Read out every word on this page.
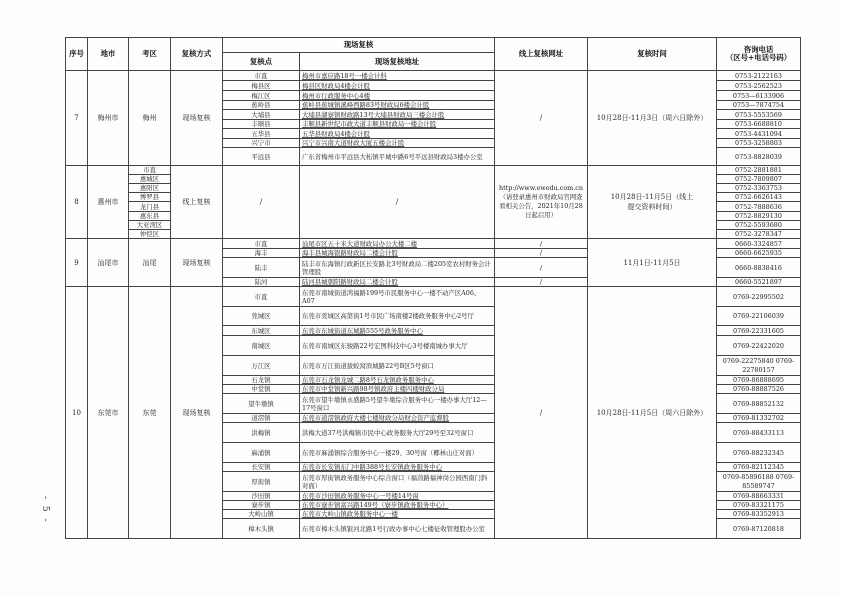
- 5 -
序号	地市	考区	复核方式	现场复核		线上复核网址	复核时间	咨询电话
（区号+电话号码）

				复核点	现场复核地址			
7	梅州市	梅州	现场复核	市直	梅州市嘉应路18号一楼会计科	/	10月28日-11月3日（周六日除外）	0753-2122163
				梅县区	梅县区财政局4楼会计股			0753-2562523
				梅江区	梅州市行政服务中心4楼			0753—6133906
				蕉岭县	蕉岭县蕉城镇溪峰西路83号财政局6楼会计股			0753—7874754
				大埔县	大埔县湖寮镇财政路13号大埔县财政局三楼会计股			0753-5553569
				丰顺县	丰顺县新世纪市政大道丰顺县财政局一楼会计股			0753-6688810
				五华县	五华县财政局4楼会计股			0753-4431094
				兴宁市	兴宁市兴南大道财政大厦五楼会计股			0753-3258803
				平远县	广东省梅州市平远县大柘镇平城中路6号平远县财政局3楼办公室			0753-8828039
8	惠州市	市直	线上复核	/	/	http://www.ewedu.com.cn（请登录惠州市财政局官网查看相关公告，2021年10月28日起启用）	10月28日-11月5日（线上提交资料时间）	0752-2881881
		惠城区						0752-7809807
		惠阳区						0752-3363753
		博罗县						0752-6626143
		龙门县						0752-7888636
		惠东县						0752-8829130
		大亚湾区						0752-5593680
		仲恺区						0752-3278347
9	汕尾市	汕尾	现场复核	市直	汕尾市区五十米大道财政局办公大楼二楼	/	11月1日-11月5日	0660-3324857
				海丰	海丰县城海银路财政局二楼会计股	/		0660-6625935
				陆丰	陆丰市东海镇行政新区长安路北3号财政局二楼205室农村财务会计管理股	/		0660-8838416
				陆河	陆河县城朝阳路财政局二楼会计股	/		0660-5521897
10	东莞市	东莞	现场复核	市直	东莞市南城街道鸿福路199号市民服务中心一楼不动产区A06、A07	/	10月28日-11月5日（周六日除外）	0769-22995502
				莞城区	东莞市莞城区高第街1号市民广场南楼2楼政务服务中心2号厅			0769-22106039
				东城区	东莞市东城街道东城路555号政务服务中心			0769-22331605
				南城区	东莞市南城区东骏路22号宏图科技中心3号楼南城办事大厅			0769-22422020
				万江区	东莞市万江街道拔蛟窝滨城路22号B区5号窗口			0769-22275840 0769-22780157
				石龙镇	东莞市石龙镇龙城二路8号石龙镇政务服务中心			0769-86888695
				中堂镇	东莞市中堂镇新兴路98号镇政府主楼四楼财政分局			0769-88887526
				望牛墩镇	东莞市望牛墩镇永盛路5号望牛墩综合服务中心一楼办事大厅12—17号窗口			0769-88852132
				道滘镇	东莞市道滘镇政府大楼七楼财政分局财会资产监督股			0769-81332702
				洪梅镇	洪梅大道37号洪梅镇市民中心政务服务大厅29号至32号窗口			0769-88433113
				麻涌镇	东莞市麻涌镇综合服务中心一楼29、30号窗（椰林山庄对面）			0769-88232345
				长安镇	东莞市长安镇东门中路388号长安镇政务服务中心			0769-82112345
				厚街镇	东莞市厚街镇政务服务中心综合窗口（福茵路福神岗公园西南门斜对面）			0769-85896188 0769-85589747
				沙田镇	东莞市沙田镇政务服务中心一号楼14号窗			0769-88663331
				寮步镇	东莞市寮步镇富兴路149号（寮步镇政务服务中心）			0769-83321175
				大岭山镇	东莞市大岭山镇政务服务中心一楼			0769-83352913
				樟木头镇	东莞市樟木头镇银河北路1号行政办事中心七楼征收管理股办公室			0769-87120818
